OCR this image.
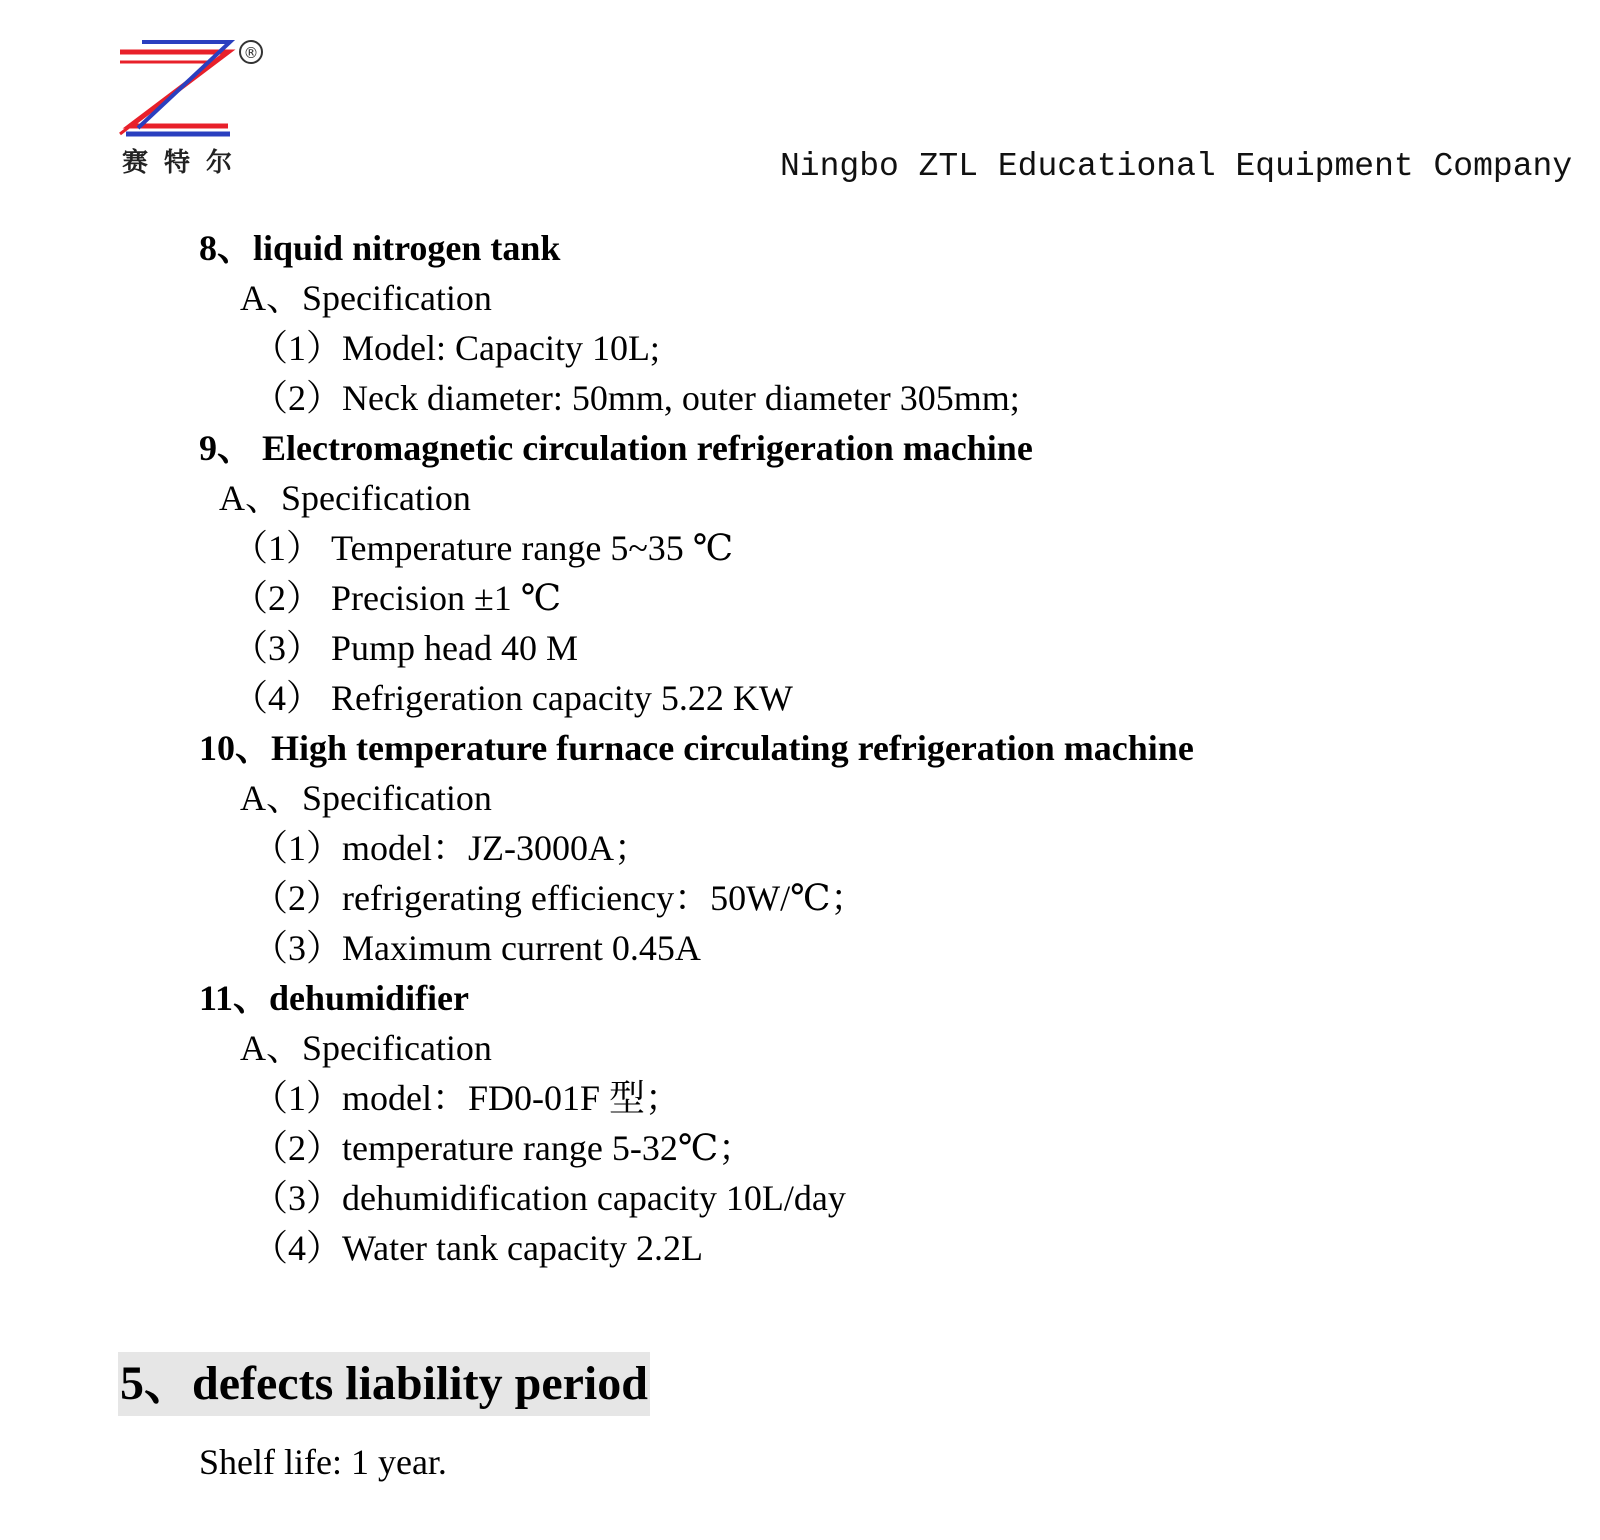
®
赛特尔	Ningbo ZTL Educational Equipment Company
8、liquid nitrogen tank
A、Specification
（1）Model: Capacity 10L;
（2）Neck diameter: 50mm, outer diameter 305mm;
9、 Electromagnetic circulation refrigeration machine
A、Specification
（1） Temperature range 5~35 ℃
（2） Precision ±1 ℃
（3） Pump head 40 M
（4） Refrigeration capacity 5.22 KW
10、High temperature furnace circulating refrigeration machine
A、Specification
（1）model：JZ-3000A；
（2）refrigerating efficiency：50W/℃；
（3）Maximum current 0.45A
11、dehumidifier
A、Specification
（1）model：FD0-01F 型；
（2）temperature range 5-32℃；
（3）dehumidification capacity 10L/day
（4）Water tank capacity 2.2L
5、defects liability period
Shelf life: 1 year.
